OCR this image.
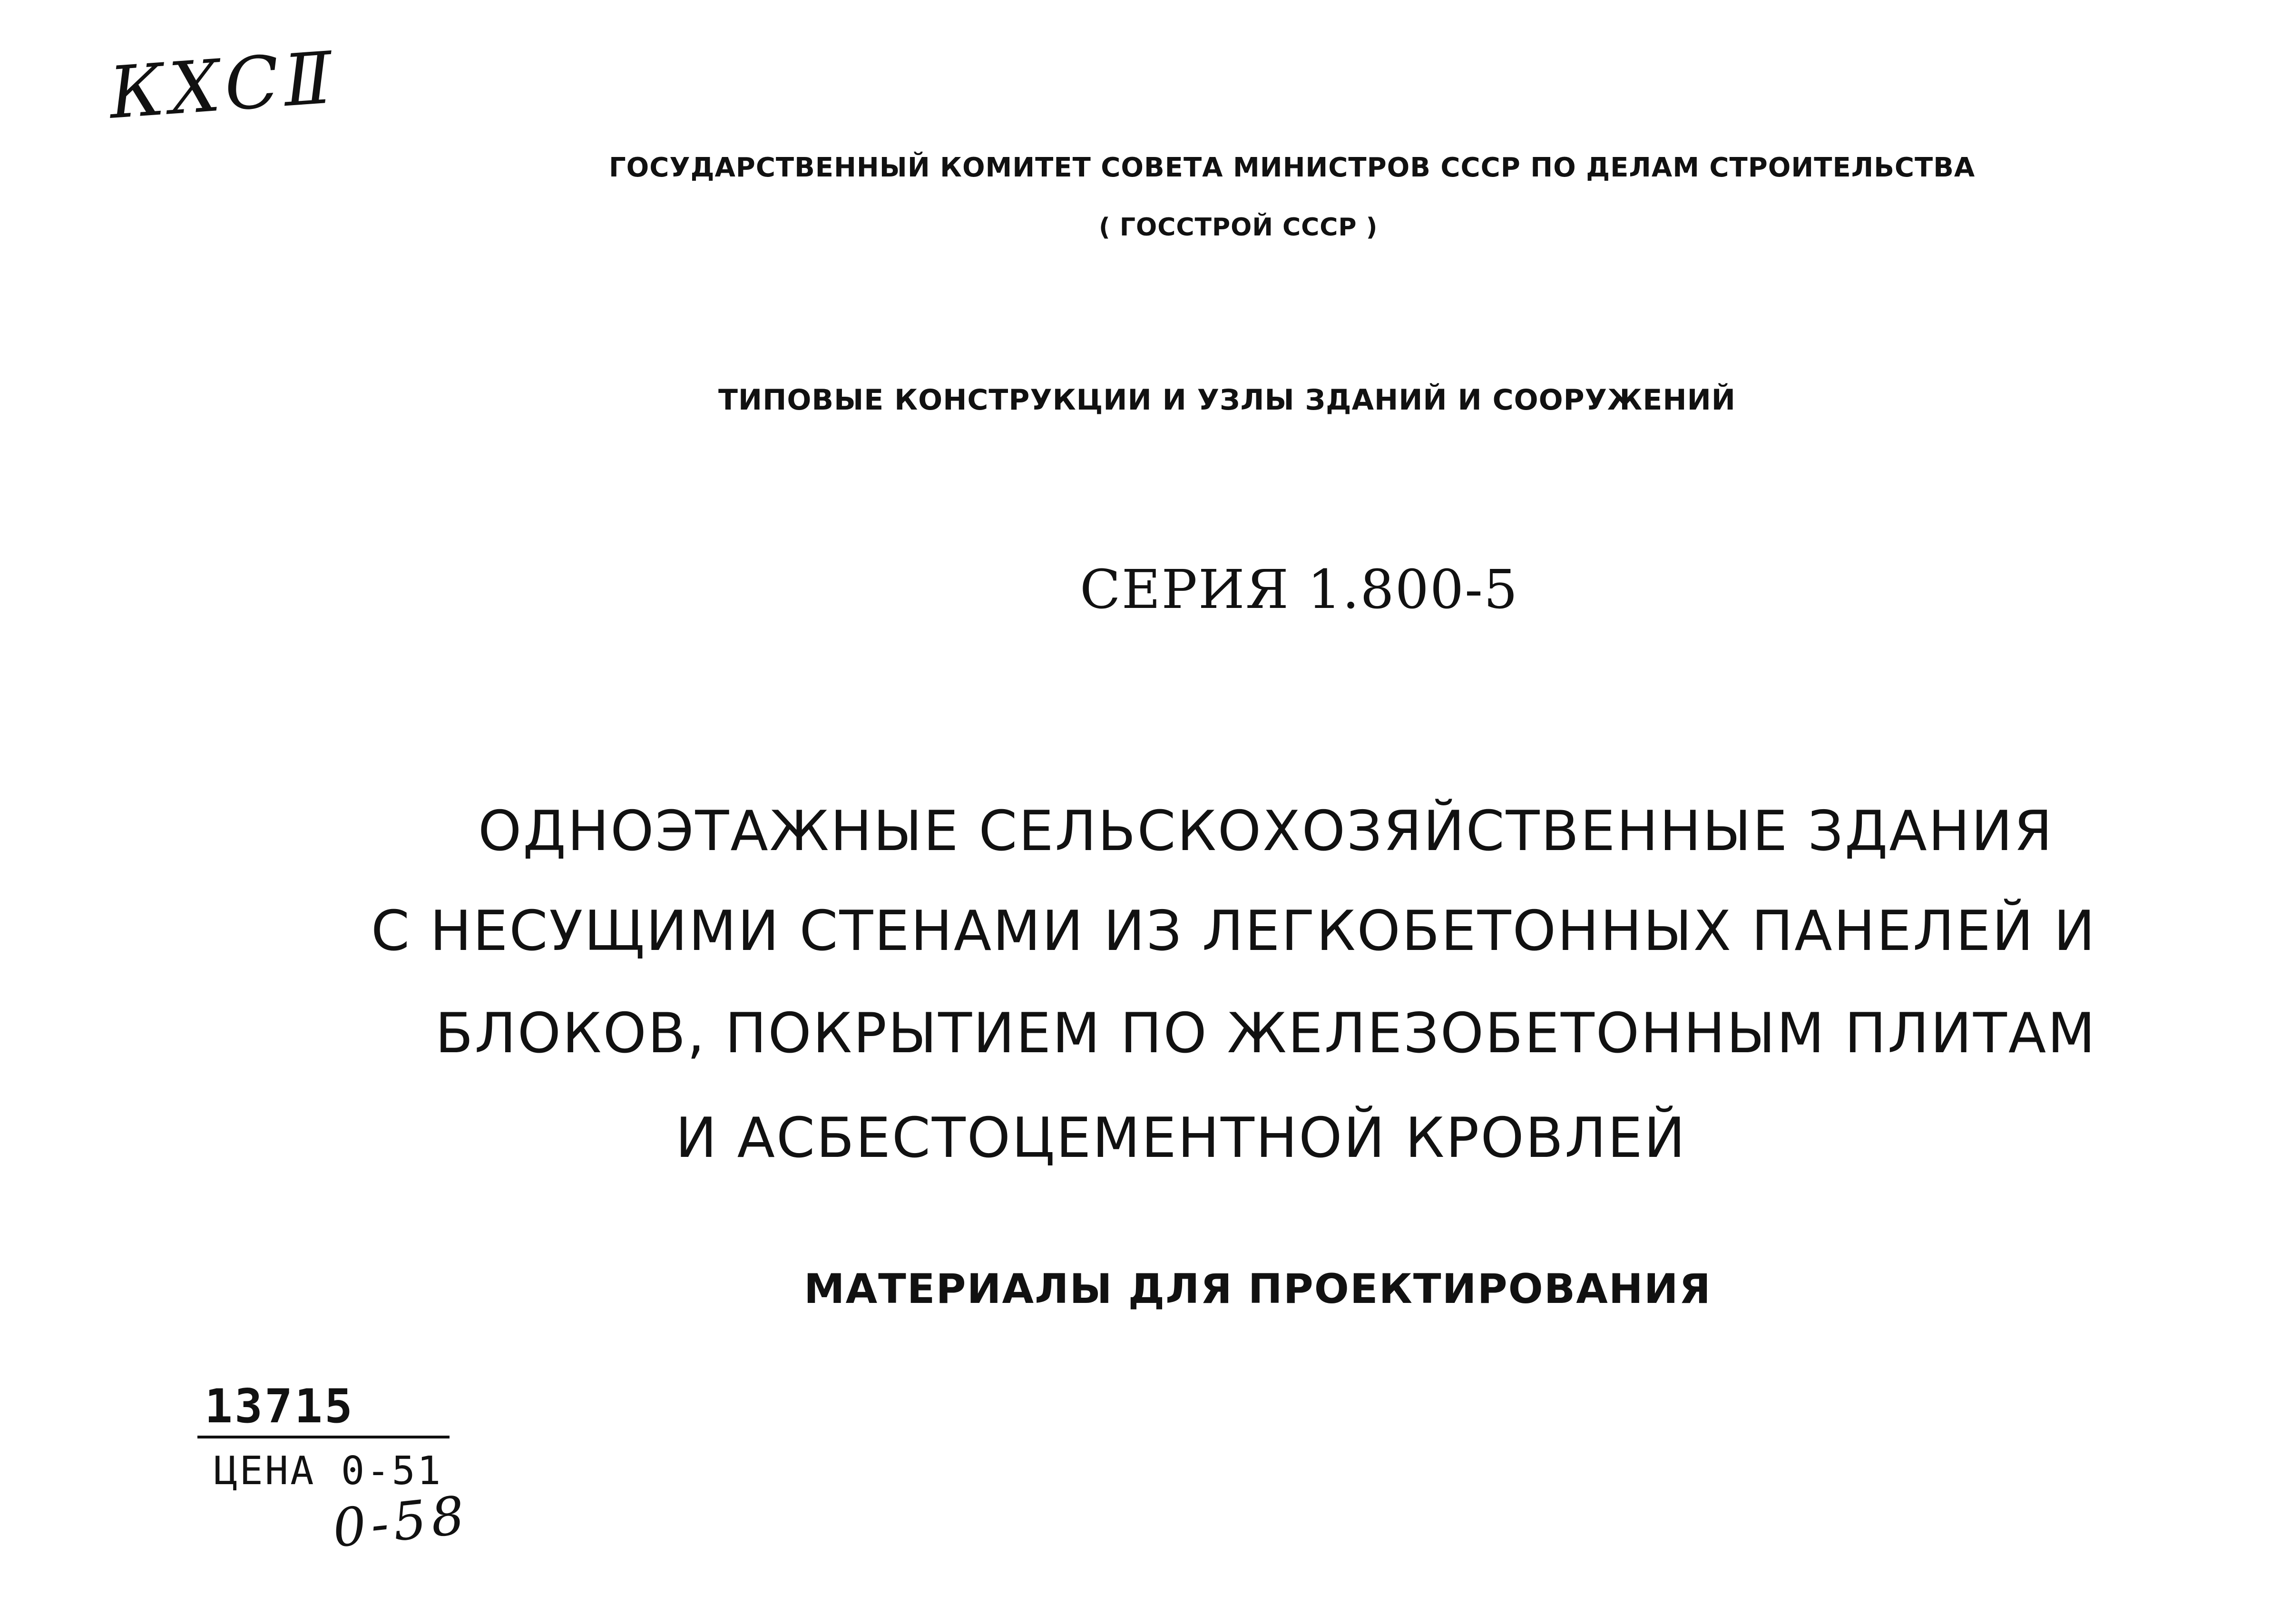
КХСⅡ
ГОСУДАРСТВЕННЫЙ КОМИТЕТ СОВЕТА МИНИСТРОВ СССР ПО ДЕЛАМ СТРОИТЕЛЬСТВА
( ГОССТРОЙ СССР )
ТИПОВЫЕ КОНСТРУКЦИИ И УЗЛЫ ЗДАНИЙ И СООРУЖЕНИЙ
СЕРИЯ 1.800-5
ОДНОЭТАЖНЫЕ СЕЛЬСКОХОЗЯЙСТВЕННЫЕ ЗДАНИЯ
С НЕСУЩИМИ СТЕНАМИ ИЗ ЛЕГКОБЕТОННЫХ ПАНЕЛЕЙ И
БЛОКОВ, ПОКРЫТИЕМ ПО ЖЕЛЕЗОБЕТОННЫМ ПЛИТАМ
И АСБЕСТОЦЕМЕНТНОЙ КРОВЛЕЙ
МАТЕРИАЛЫ ДЛЯ ПРОЕКТИРОВАНИЯ
13715
ЦЕНА 0-51
0-58
